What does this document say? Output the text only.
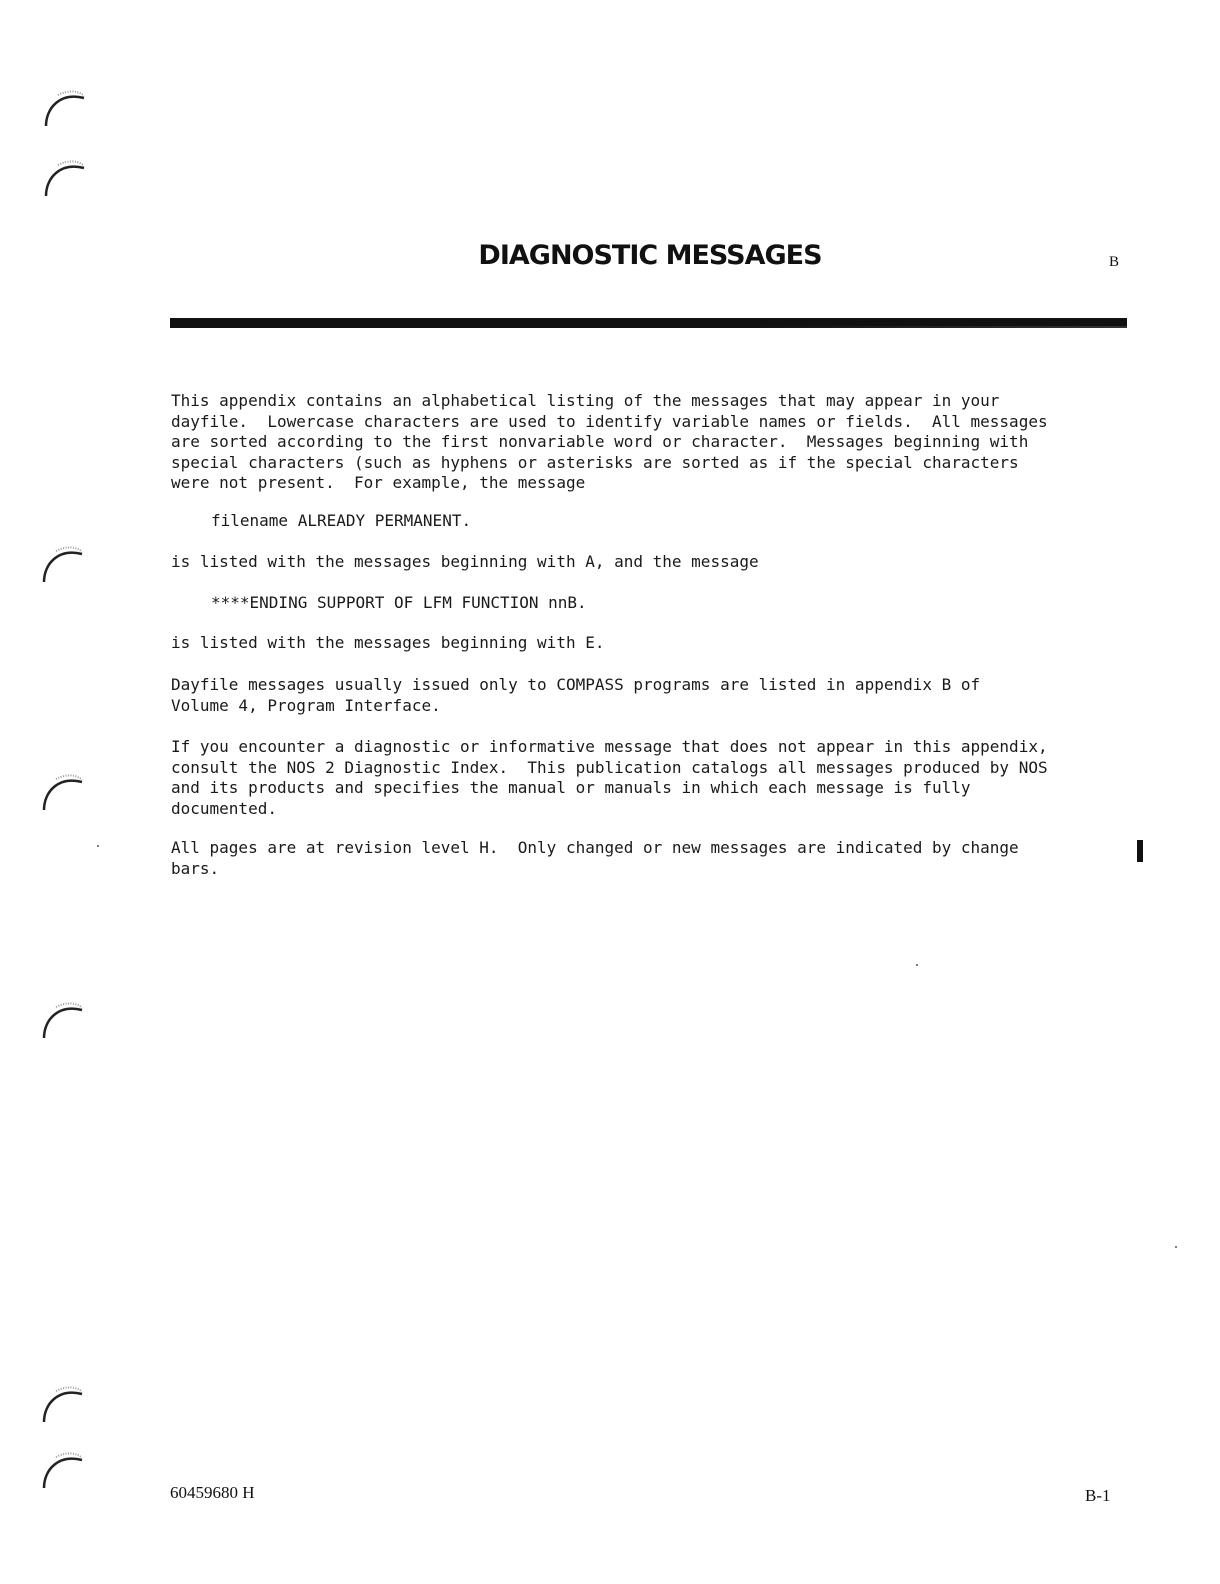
DIAGNOSTIC MESSAGES	B
This appendix contains an alphabetical listing of the messages that may appear in your
dayfile.  Lowercase characters are used to identify variable names or fields.  All messages
are sorted according to the first nonvariable word or character.  Messages beginning with
special characters (such as hyphens or asterisks are sorted as if the special characters
were not present.  For example, the message
filename ALREADY PERMANENT.
is listed with the messages beginning with A, and the message
****ENDING SUPPORT OF LFM FUNCTION nnB.
is listed with the messages beginning with E.
Dayfile messages usually issued only to COMPASS programs are listed in appendix B of
Volume 4, Program Interface.
If you encounter a diagnostic or informative message that does not appear in this appendix,
consult the NOS 2 Diagnostic Index.  This publication catalogs all messages produced by NOS
and its products and specifies the manual or manuals in which each message is fully
documented.
All pages are at revision level H.  Only changed or new messages are indicated by change
bars.
60459680 H	B-1
